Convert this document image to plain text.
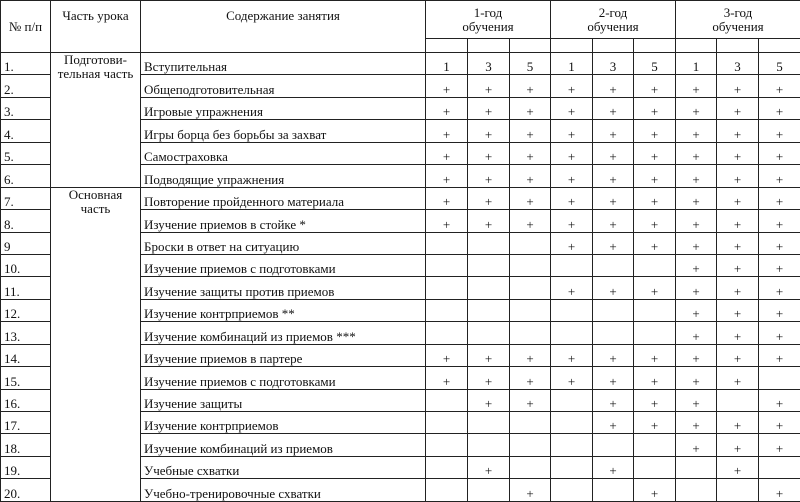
№ п/п	Часть урока	Содержание занятия	1-год обучения			2-год обучения			3-год обучения		

1.	Подготови-тельная часть	Вступительная	1	3	5	1	3	5	1	3	5
2.		Общеподготовительная	+	+	+	+	+	+	+	+	+
3.		Игровые упражнения	+	+	+	+	+	+	+	+	+
4.		Игры борца без борьбы за захват	+	+	+	+	+	+	+	+	+
5.		Самостраховка	+	+	+	+	+	+	+	+	+
6.		Подводящие упражнения	+	+	+	+	+	+	+	+	+
7.	Основная часть	Повторение пройденного материала	+	+	+	+	+	+	+	+	+
8.		Изучение приемов в стойке *	+	+	+	+	+	+	+	+	+
9		Броски в ответ на ситуацию				+	+	+	+	+	+
10.		Изучение приемов с подготовками							+	+	+
11.		Изучение защиты против приемов				+	+	+	+	+	+
12.		Изучение контрприемов **							+	+	+
13.		Изучение комбинаций из приемов ***							+	+	+
14.		Изучение приемов в партере	+	+	+	+	+	+	+	+	+
15.		Изучение приемов с подготовками	+	+	+	+	+	+	+	+	
16.		Изучение защиты		+	+		+	+	+		+
17.		Изучение контрприемов					+	+	+	+	+
18.		Изучение комбинаций из приемов							+	+	+
19.		Учебные схватки		+			+			+	
20.		Учебно-тренировочные схватки			+			+			+
